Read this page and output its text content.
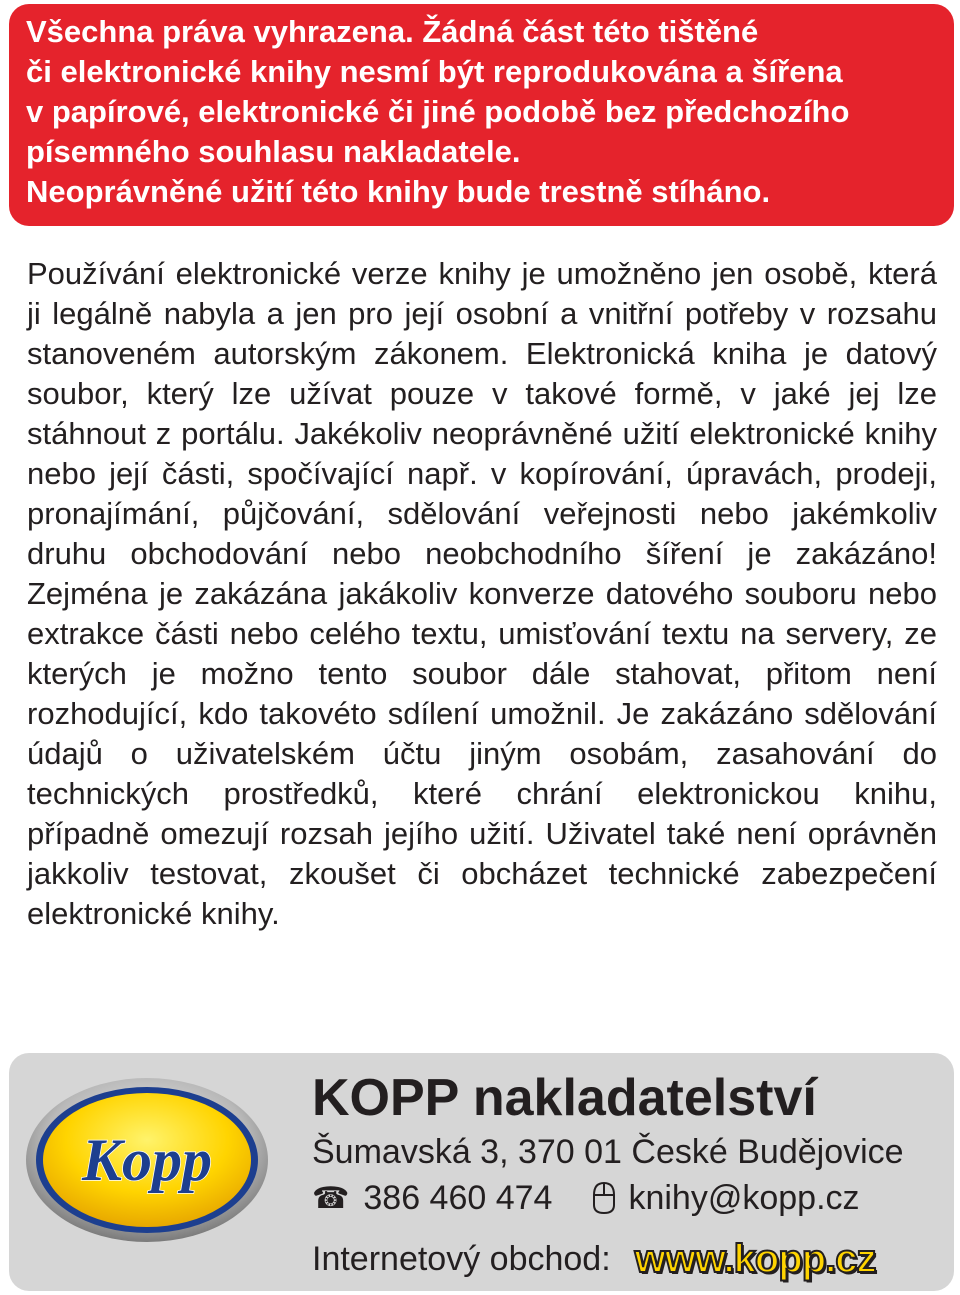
Všechna práva vyhrazena. Žádná část této tištěné
či elektronické knihy nesmí být reprodukována a šířena
v papírové, elektronické či jiné podobě bez předchozího
písemného souhlasu nakladatele.
Neoprávněné užití této knihy bude trestně stíháno.

Používání elektronické verze knihy je umožněno jen osobě, která ji legálně nabyla a jen pro její osobní a vnitřní potřeby v rozsahu stanoveném autorským zákonem. Elektronická kniha je datový soubor, který lze užívat pouze v takové formě, v jaké jej lze stáhnout z portálu. Jakékoliv neoprávněné užití elektronické knihy nebo její části, spočívající např. v kopírování, úpravách, prodeji, pronajímání, půjčování, sdělování veřejnosti nebo jakémkoliv druhu obchodování nebo neobchodního šíření je zakázáno! Zejména je zakázána jakákoliv konverze datového souboru nebo extrakce části nebo celého textu, umisťování textu na servery, ze kterých je možno tento soubor dále stahovat, přitom není rozhodující, kdo takovéto sdílení umožnil. Je zakázáno sdělování údajů o uživatelském účtu jiným osobám, zasahování do technických prostředků, které chrání elektronickou knihu, případně omezují rozsah jejího užití. Uživatel také není oprávněn jakkoliv testovat, zkoušet či obcházet technické zabezpečení elektronické knihy.

Kopp
KOPP nakladatelství

Šumavská 3, 370 01 České Budějovice

☎ 386 460 474 knihy@kopp.cz
Internetový obchod: www.kopp.cz
